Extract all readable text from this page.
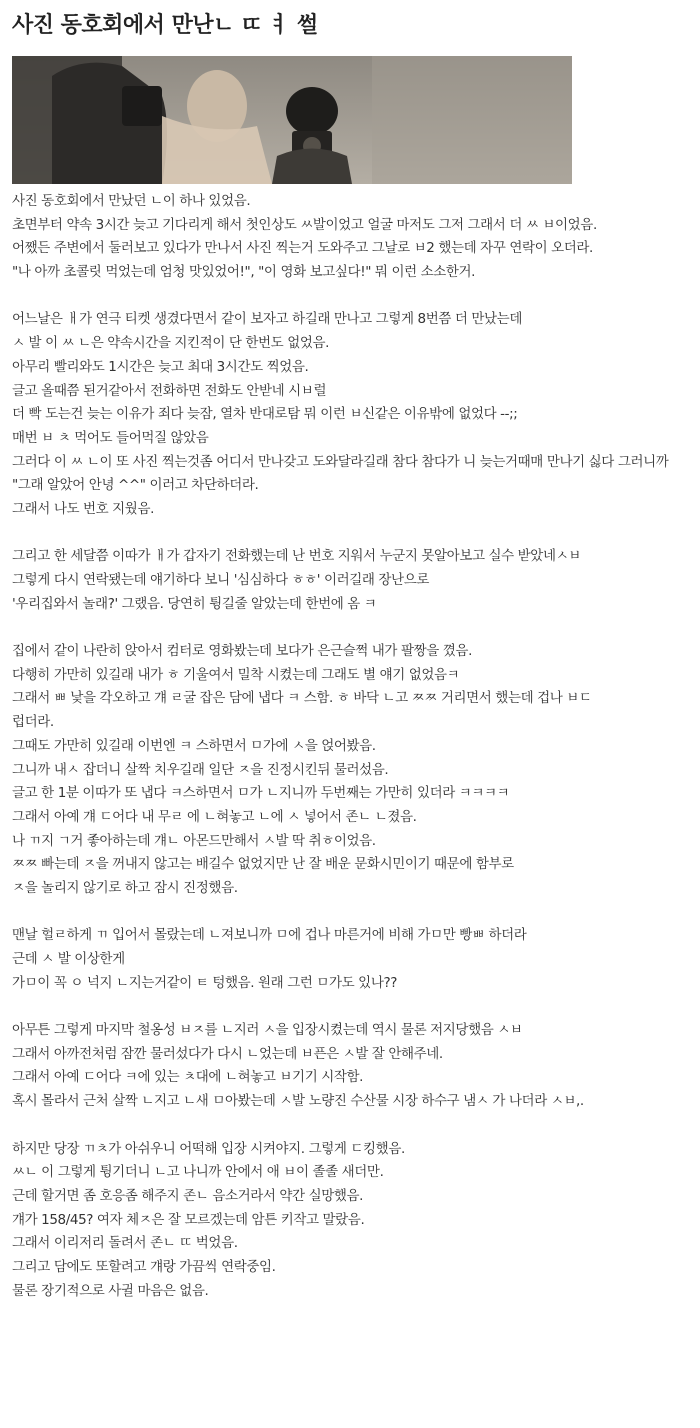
사진 동호회에서 만난ㄴ ㄸ ㅕ 썰
사진 동호회에서 만났던 ㄴ이 하나 있었음.
초면부터 약속 3시간 늦고 기다리게 해서 첫인상도 ㅆ발이었고 얼굴 마저도 그저 그래서 더 ㅆ ㅂ이었음.
어쨌든 주변에서 둘러보고 있다가 만나서 사진 찍는거 도와주고 그날로 ㅂ2 했는데 자꾸 연락이 오더라.
"나 아까 초콜릿 먹었는데 엄청 맛있었어!", "이 영화 보고싶다!" 뭐 이런 소소한거.
어느날은 ㅐ가 연극 티켓 생겼다면서 같이 보자고 하길래 만나고 그렇게 8번쯤 더 만났는데
ㅅ 발 이 ㅆ ㄴ은 약속시간을 지킨적이 단 한번도 없었음.
아무리 빨리와도 1시간은 늦고 최대 3시간도 찍었음.
글고 올때쯤 된거같아서 전화하면 전화도 안받네 시ㅂ럴
더 빡 도는건 늦는 이유가 죄다 늦잠, 열차 반대로탐 뭐 이런 ㅂ신같은 이유밖에 없었다 --;;
매번 ㅂ ㅊ 먹어도 들어먹질 않았음
그러다 이 ㅆ ㄴ이 또 사진 찍는것좀 어디서 만나갖고 도와달라길래 참다 참다가 니 늦는거때매 만나기 싫다 그러니까
"그래 알았어 안녕 ^^" 이러고 차단하더라.
그래서 나도 번호 지웠음.
그리고 한 세달쯤 이따가 ㅐ가 갑자기 전화했는데 난 번호 지워서 누군지 못알아보고 실수 받았네ㅅㅂ
그렇게 다시 연락됐는데 얘기하다 보니 '심심하다 ㅎㅎ' 이러길래 장난으로
'우리집와서 놀래?' 그랬음. 당연히 튕길줄 알았는데 한번에 옴 ㅋ
집에서 같이 나란히 앉아서 컴터로 영화봤는데 보다가 은근슬쩍 내가 팔짱을 꼈음.
다행히 가만히 있길래 내가 ㅎ 기울여서 밀착 시켰는데 그래도 별 얘기 없었음ㅋ
그래서 ㅃ 낯을 각오하고 걔 ㄹ굴 잡은 담에 냅다 ㅋ 스함. ㅎ 바닥 ㄴ고 ㅉㅉ 거리면서 했는데 겁나 ㅂㄷ
럽더라.
그때도 가만히 있길래 이번엔 ㅋ 스하면서 ㅁ가에 ㅅ을 얹어봤음.
그니까 내ㅅ 잡더니 살짝 치우길래 일단 ㅈ을 진정시킨뒤 물러섰음.
글고 한 1분 이따가 또 냅다 ㅋ스하면서 ㅁ가 ㄴ지니까 두번째는 가만히 있더라 ㅋㅋㅋㅋ
그래서 아예 걔 ㄷ어다 내 무ㄹ 에 ㄴ혀놓고 ㄴ에 ㅅ 넣어서 존ㄴ ㄴ졌음.
나 ㄲ지 ㄱ거 좋아하는데 걔ㄴ 아몬드만해서 ㅅ발 딱 취ㅎ이었음.
ㅉㅉ 빠는데 ㅈ을 꺼내지 않고는 배길수 없었지만 난 잘 배운 문화시민이기 때문에 함부로
ㅈ을 놀리지 않기로 하고 잠시 진정했음.
맨날 헐ㄹ하게 ㄲ 입어서 몰랐는데 ㄴ져보니까 ㅁ에 겁나 마른거에 비해 가ㅁ만 빵ㅃ 하더라
근데 ㅅ 발 이상한게
가ㅁ이 꼭 ㅇ 넉지 ㄴ지는거같이 ㅌ 텅했음. 원래 그런 ㅁ가도 있나??
아무튼 그렇게 마지막 철옹성 ㅂㅈ를 ㄴ지러 ㅅ을 입장시켰는데 역시 물론 저지당했음 ㅅㅂ
그래서 아까전처럼 잠깐 물러섰다가 다시 ㄴ었는데 ㅂ픈은 ㅅ발 잘 안해주네.
그래서 아예 ㄷ어다 ㅋ에 있는 ㅊ대에 ㄴ혀놓고 ㅂ기기 시작함.
혹시 몰라서 근처 살짝 ㄴ지고 ㄴ새 ㅁ아봤는데 ㅅ발 노량진 수산물 시장 하수구 냄ㅅ 가 나더라 ㅅㅂ,.
하지만 당장 ㄲㅊ가 아쉬우니 어떡해 입장 시켜야지. 그렇게 ㄷ킹했음.
ㅆㄴ 이 그렇게 튕기더니 ㄴ고 나니까 안에서 애 ㅂ이 졸졸 새더만.
근데 할거면 좀 호응좀 해주지 존ㄴ 음소거라서 약간 실망했음.
걔가 158/45? 여자 체ㅈ은 잘 모르겠는데 암튼 키작고 말랐음.
그래서 이리저리 돌려서 존ㄴ ㄸ 벅었음.
그리고 담에도 또할려고 걔랑 가끔씩 연락중임.
물론 장기적으로 사귈 마음은 없음.
